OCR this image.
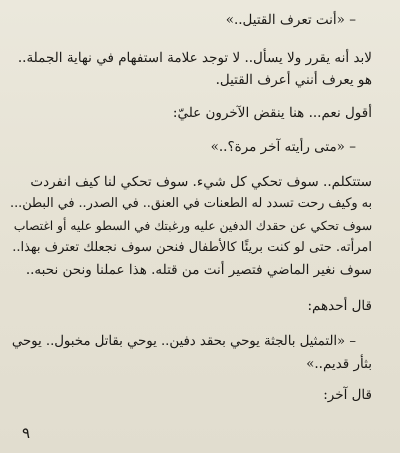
– «أنت تعرف القتيل..»
لابد أنه يقرر ولا يسأل.. لا توجد علامة استفهام في نهاية الجملة..
هو يعرف أنني أعرف القتيل.
أقول نعم... هنا ينقض الآخرون عليّ:
– «متى رأيته آخر مرة؟..»
ستتكلم.. سوف تحكي كل شيء. سوف تحكي لنا كيف انفردت
به وكيف رحت تسدد له الطعنات في العنق.. في الصدر.. في البطن...
سوف تحكي عن حقدك الدفين عليه ورغبتك في السطو عليه أو اغتصاب
امرأته. حتى لو كنت بريئًا كالأطفال فنحن سوف نجعلك تعترف بهذا..
سوف نغير الماضي فتصير أنت من قتله. هذا عملنا ونحن نحبه..
قال أحدهم:
– «التمثيل بالجثة يوحي بحقد دفين.. يوحي بقاتل مخبول.. يوحي
بثأر قديم..»
قال آخر:
٩
